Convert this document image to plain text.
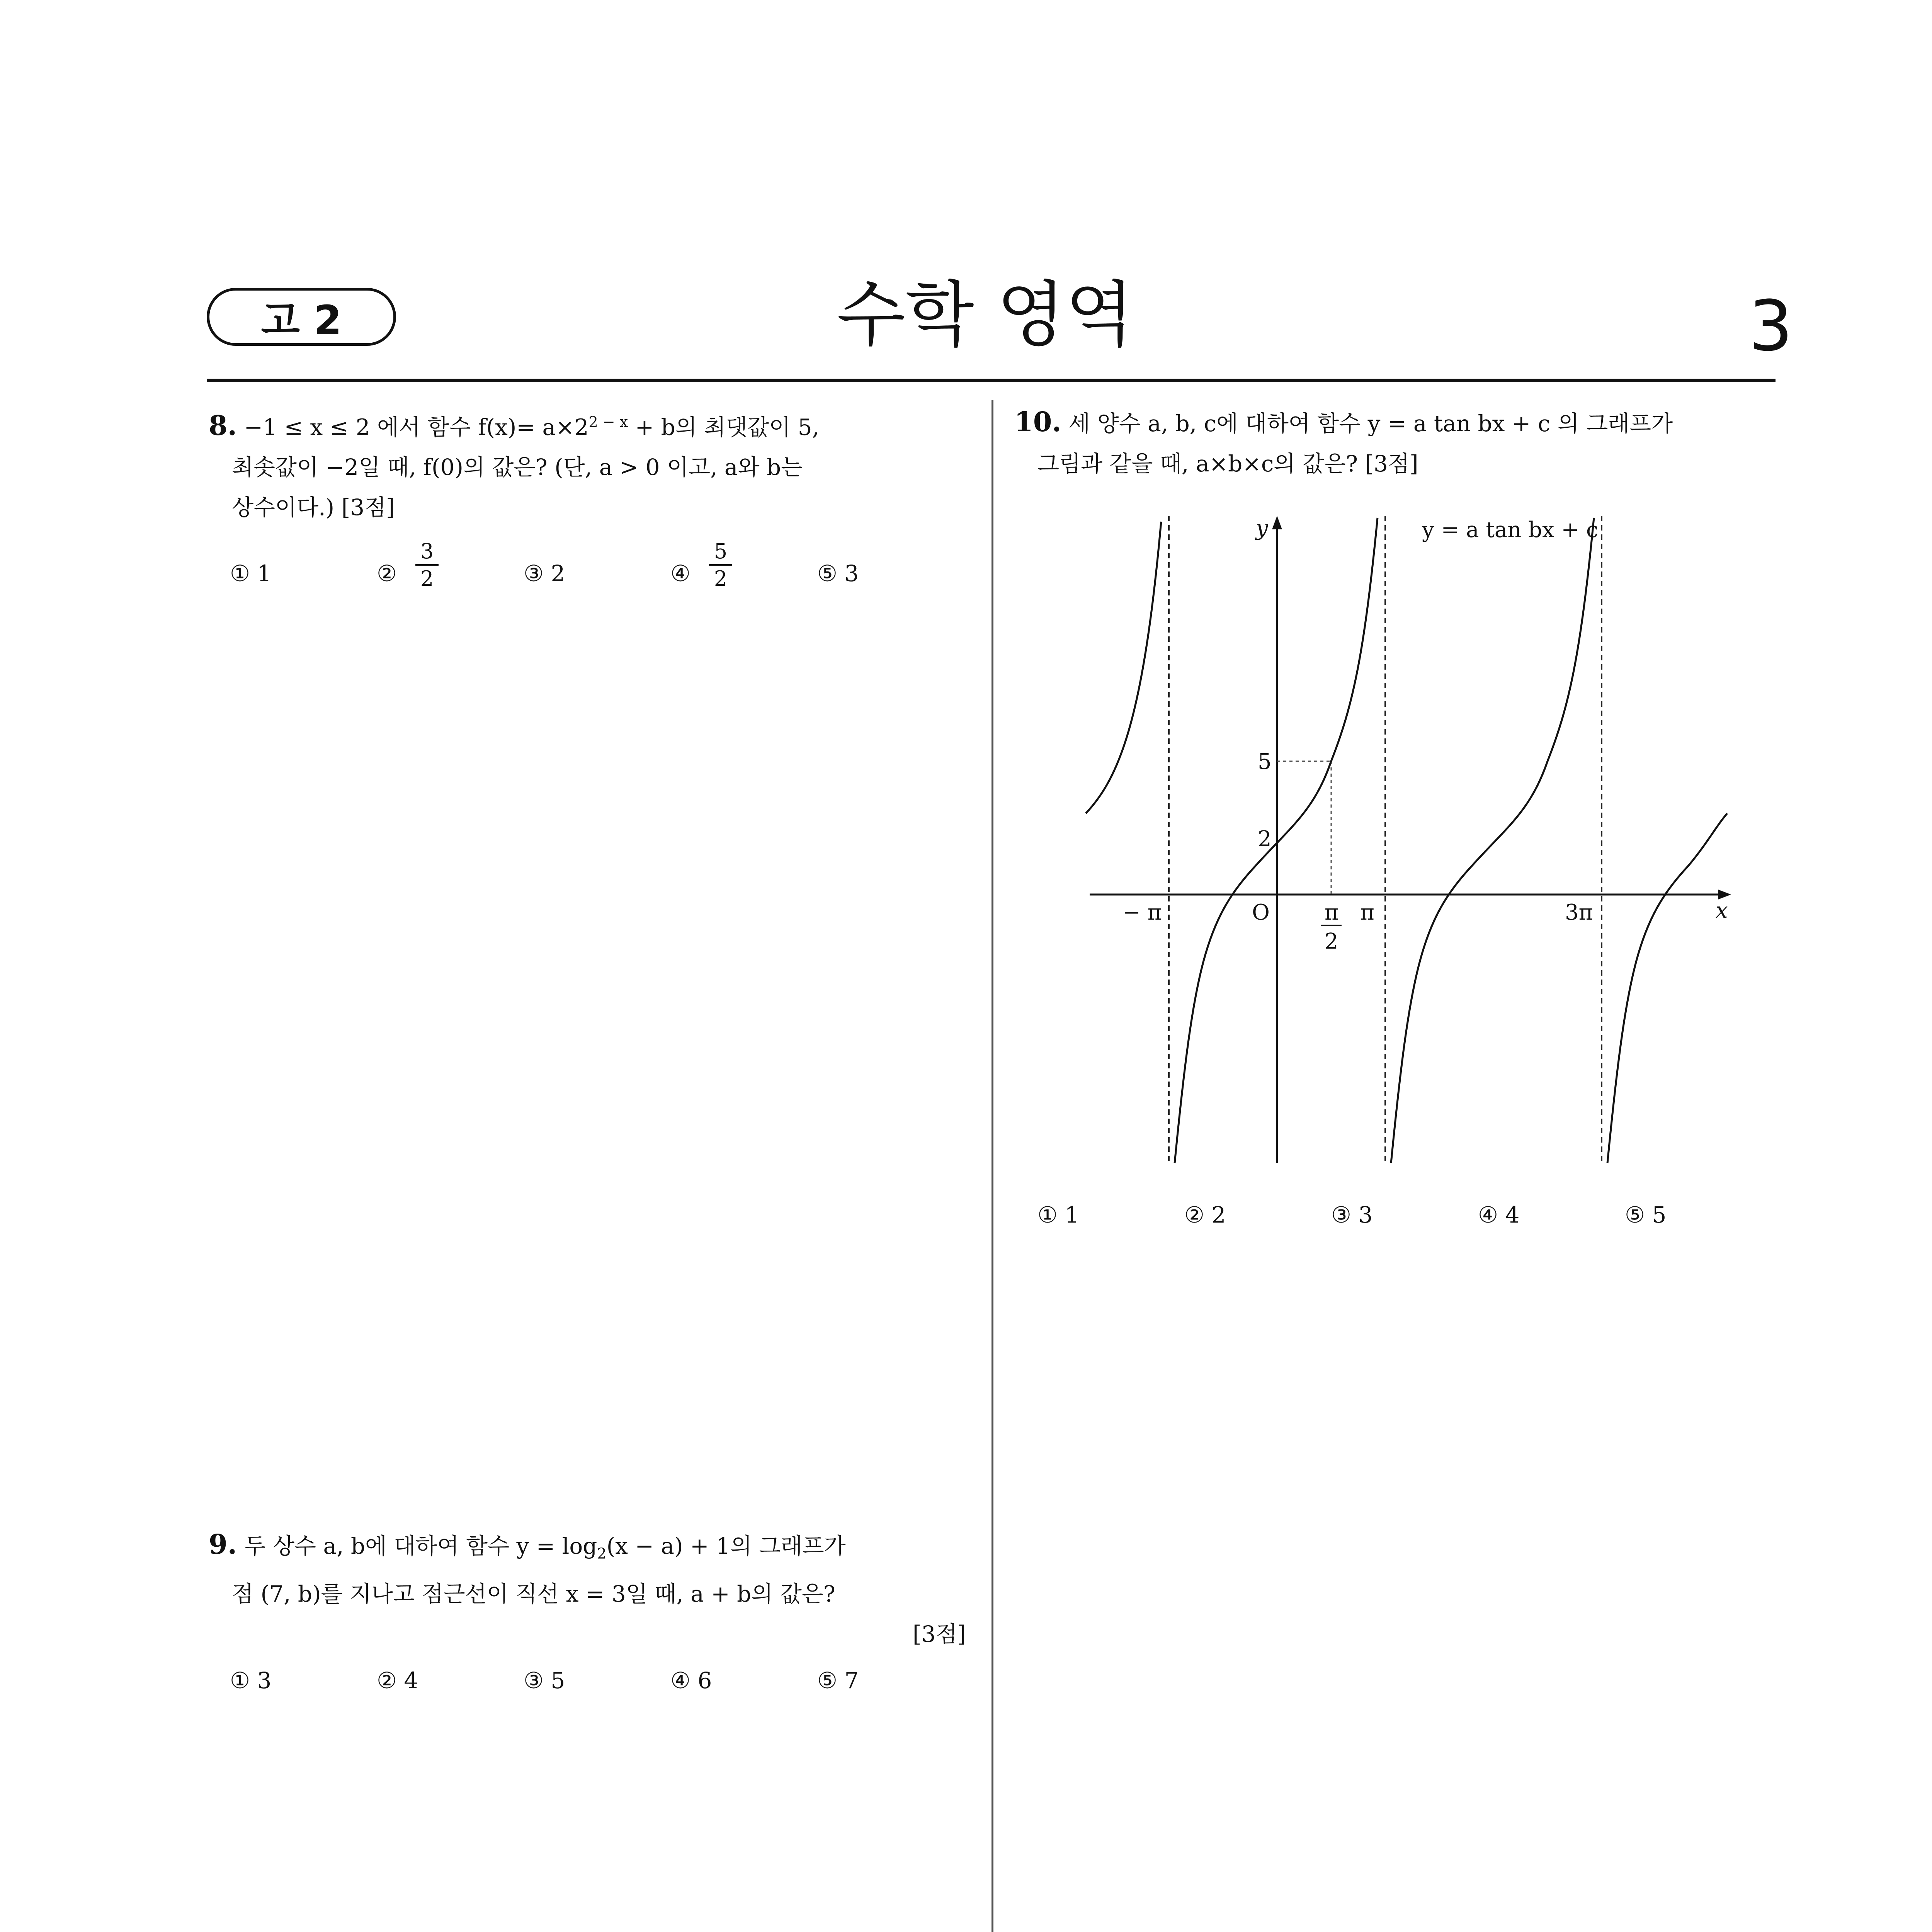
고 2	수학 영역	3
8. −1 ≤ x ≤ 2 에서 함수 $f(x)= a\times 2^{2 - x} + b$의 최댓값이 5,
최솟값이 −2일 때, f(0)의 값은? (단, a > 0 이고, a와 b는
상수이다.) [3점]
① 1	②
3
2	③ 2	④
5
2	⑤ 3
9. 두 상수 a, b에 대하여 함수 $y = \log_2(x - a) + 1$의 그래프가
점 (7, b)를 지나고 점근선이 직선 x = 3일 때, a + b의 값은?
[3점]
① 3	② 4	③ 5	④ 6	⑤ 7
10. 세 양수 a, b, c에 대하여 함수 y = a tan bx + c 의 그래프가
그림과 같을 때, a×b×c의 값은? [3점]
y = a tan bx + c
y
x
O
− π	π	3π
π
2
5
2
① 1	② 2	③ 3	④ 4	⑤ 5
